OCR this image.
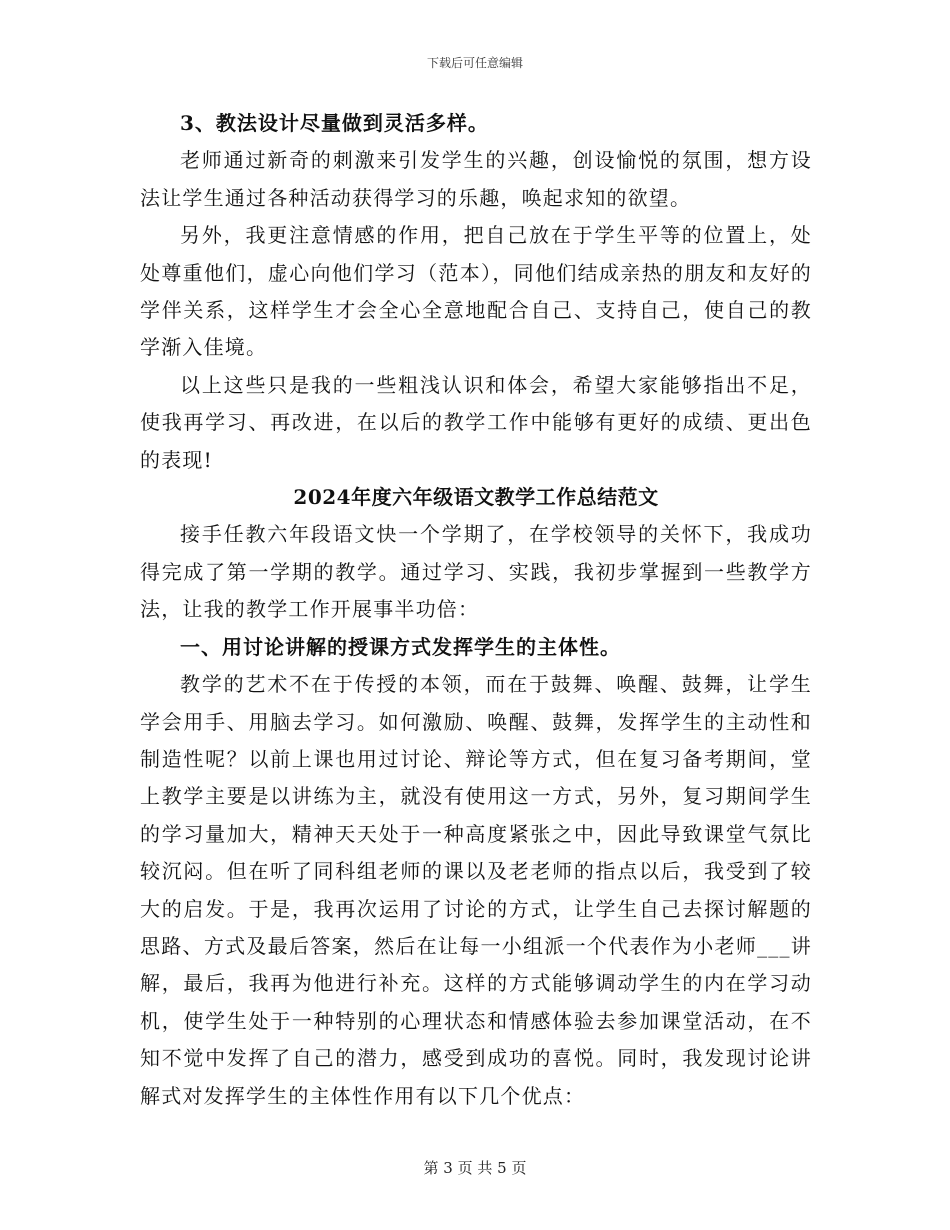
下载后可任意编辑

3、教法设计尽量做到灵活多样。

老师通过新奇的刺激来引发学生的兴趣，创设愉悦的氛围，想方设法让学生通过各种活动获得学习的乐趣，唤起求知的欲望。

另外，我更注意情感的作用，把自己放在于学生平等的位置上，处处尊重他们，虚心向他们学习（范本），同他们结成亲热的朋友和友好的学伴关系，这样学生才会全心全意地配合自己、支持自己，使自己的教学渐入佳境。

以上这些只是我的一些粗浅认识和体会，希望大家能够指出不足，使我再学习、再改进，在以后的教学工作中能够有更好的成绩、更出色的表现!

2024年度六年级语文教学工作总结范文

接手任教六年段语文快一个学期了，在学校领导的关怀下，我成功得完成了第一学期的教学。通过学习、实践，我初步掌握到一些教学方法，让我的教学工作开展事半功倍：

一、用讨论讲解的授课方式发挥学生的主体性。

教学的艺术不在于传授的本领，而在于鼓舞、唤醒、鼓舞，让学生学会用手、用脑去学习。如何激励、唤醒、鼓舞，发挥学生的主动性和制造性呢？以前上课也用过讨论、辩论等方式，但在复习备考期间，堂上教学主要是以讲练为主，就没有使用这一方式，另外，复习期间学生的学习量加大，精神天天处于一种高度紧张之中，因此导致课堂气氛比较沉闷。但在听了同科组老师的课以及老老师的指点以后，我受到了较大的启发。于是，我再次运用了讨论的方式，让学生自己去探讨解题的思路、方式及最后答案，然后在让每一小组派一个代表作为小老师___讲解，最后，我再为他进行补充。这样的方式能够调动学生的内在学习动机，使学生处于一种特别的心理状态和情感体验去参加课堂活动，在不知不觉中发挥了自己的潜力，感受到成功的喜悦。同时，我发现讨论讲解式对发挥学生的主体性作用有以下几个优点：

第 3 页 共 5 页
